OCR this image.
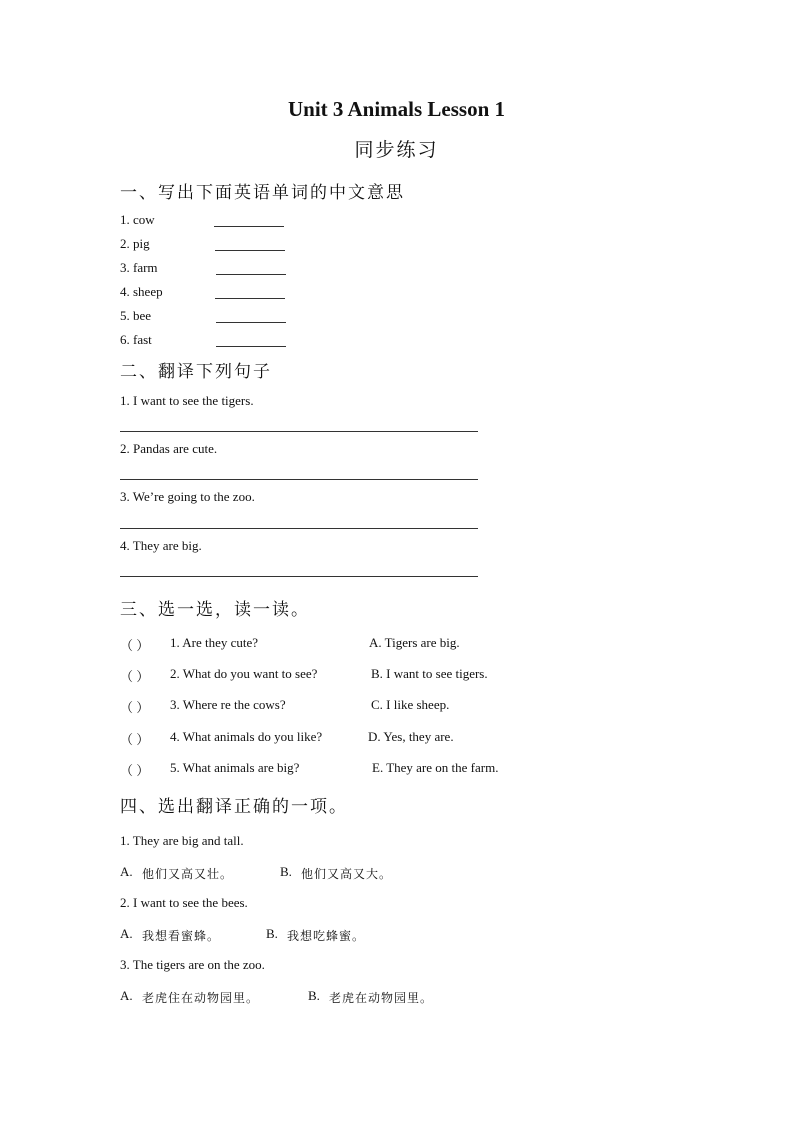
Unit 3 Animals Lesson 1
同步练习
一、写出下面英语单词的中文意思
1. cow
2. pig
3. farm
4. sheep
5. bee
6. fast
二、翻译下列句子
1. I want to see the tigers.
2. Pandas are cute.
3. We’re going to the zoo.
4. They are big.
三、选一选，读一读。
（ ） 1. Are they cute?	A. Tigers are big.
（ ） 2. What do you want to see?	B. I want to see tigers.
（ ） 3. Where re the cows?	C. I like sheep.
（ ） 4. What animals do you like?	D. Yes, they are.
（ ） 5. What animals are big?	E. They are on the farm.
四、选出翻译正确的一项。
1. They are big and tall.
A. 他们又高又壮。	B. 他们又高又大。
2. I want to see the bees.
A. 我想看蜜蜂。	B. 我想吃蜂蜜。
3. The tigers are on the zoo.
A. 老虎住在动物园里。	B. 老虎在动物园里。
